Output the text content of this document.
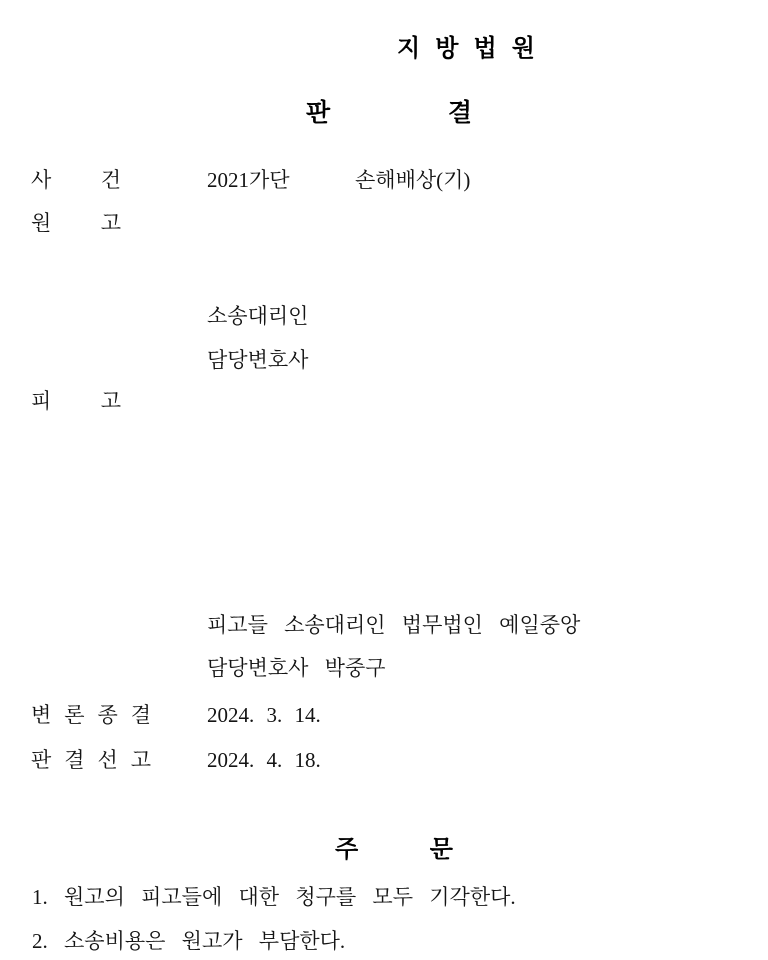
지 방 법 원
판 결
사 건	2021가단	손해배상(기)
원 고
소송대리인
담당변호사
피 고
피고들 소송대리인 법무법인 예일중앙
담당변호사 박중구
변 론 종 결	2024. 3. 14.
판 결 선 고	2024. 4. 18.
주 문
1. 원고의 피고들에 대한 청구를 모두 기각한다.
2. 소송비용은 원고가 부담한다.
